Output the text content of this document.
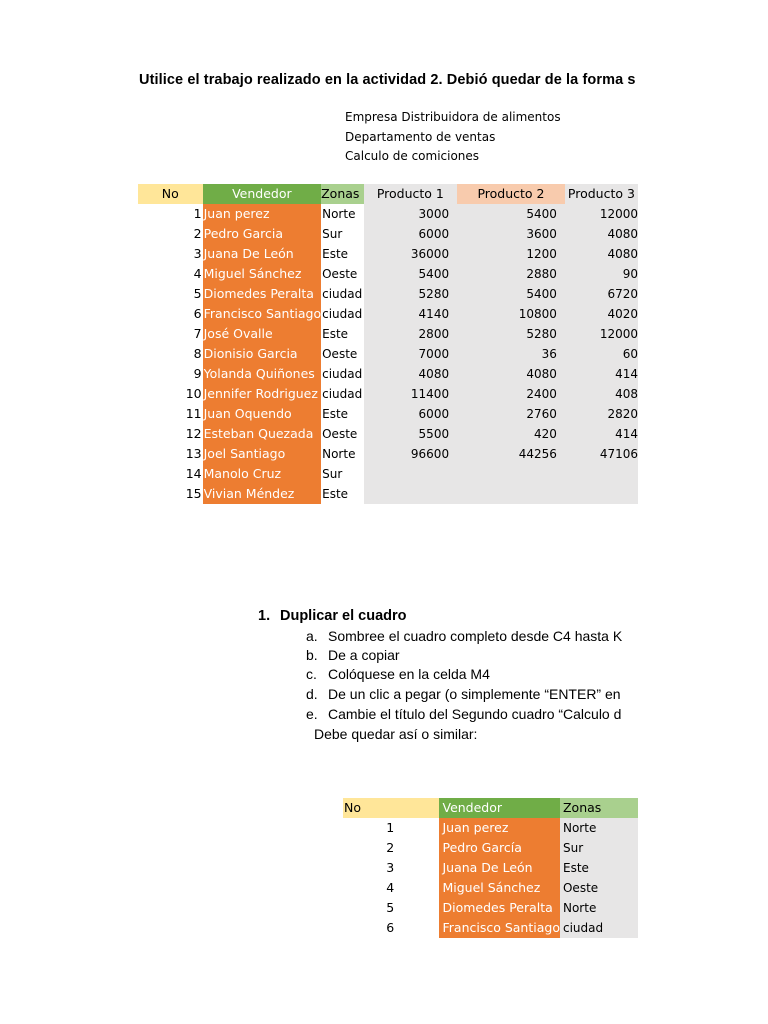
Utilice el trabajo realizado en la actividad 2. Debió quedar de la forma s
Empresa Distribuidora de alimentos
Departamento de ventas
Calculo de comiciones
No	Vendedor	Zonas	Producto 1	Producto 2	Producto 3
1	Juan perez	Norte	3000	5400	12000
2	Pedro Garcia	Sur	6000	3600	4080
3	Juana De León	Este	36000	1200	4080
4	Miguel Sánchez	Oeste	5400	2880	90
5	Diomedes Peralta	ciudad	5280	5400	6720
6	Francisco Santiago	ciudad	4140	10800	4020
7	José Ovalle	Este	2800	5280	12000
8	Dionisio Garcia	Oeste	7000	36	60
9	Yolanda Quiñones	ciudad	4080	4080	414
10	Jennifer Rodriguez	ciudad	11400	2400	408
11	Juan Oquendo	Este	6000	2760	2820
12	Esteban Quezada	Oeste	5500	420	414
13	Joel Santiago	Norte	96600	44256	47106
14	Manolo Cruz	Sur			
15	Vivian Méndez	Este			
1. Duplicar el cuadro
a. Sombree el cuadro completo desde C4 hasta K
b. De a copiar
c. Colóquese en la celda M4
d. De un clic a pegar (o simplemente “ENTER” en
e. Cambie el título del Segundo cuadro “Calculo d
Debe quedar así o similar:
No	Vendedor	Zonas
1	Juan perez	Norte
2	Pedro García	Sur
3	Juana De León	Este
4	Miguel Sánchez	Oeste
5	Diomedes Peralta	Norte
6	Francisco Santiago	ciudad
